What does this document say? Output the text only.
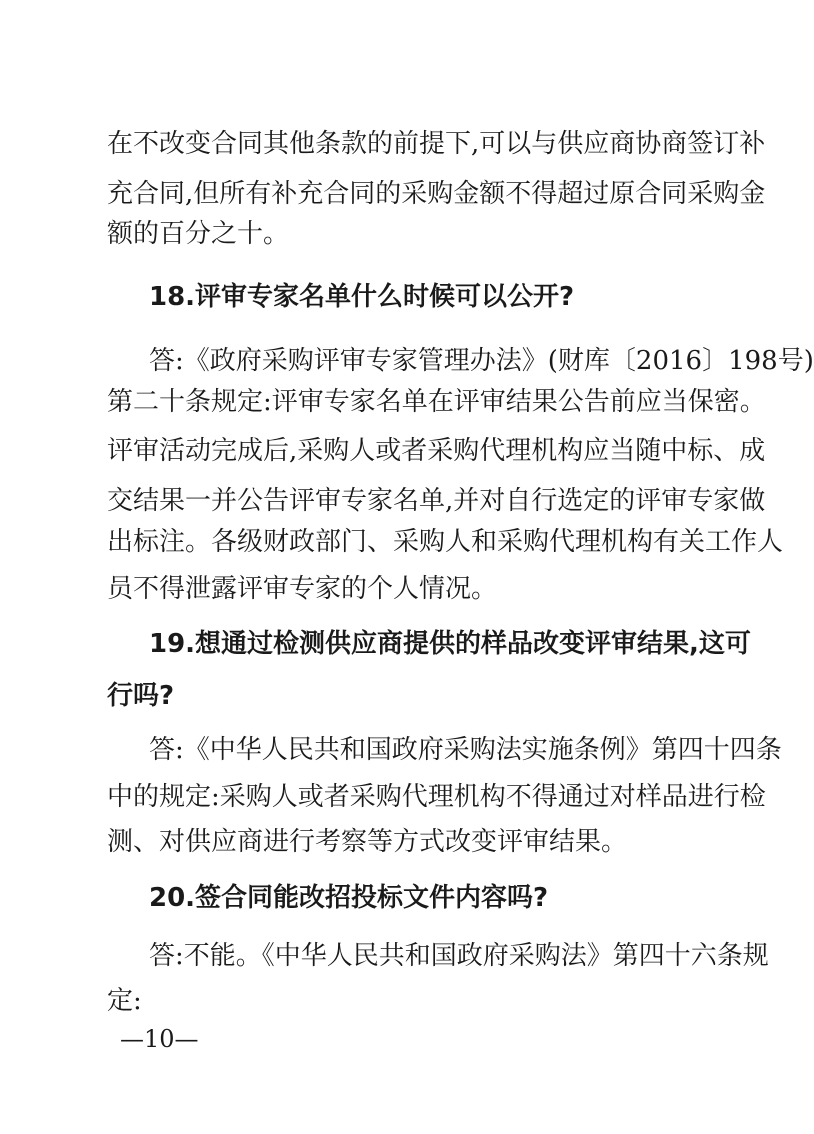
在不改变合同其他条款的前提下,可以与供应商协商签订补
充合同,但所有补充合同的采购金额不得超过原合同采购金
额的百分之十。
18.评审专家名单什么时候可以公开?
答:《政府采购评审专家管理办法》(财库〔2016〕198号)
第二十条规定:评审专家名单在评审结果公告前应当保密。
评审活动完成后,采购人或者采购代理机构应当随中标、成
交结果一并公告评审专家名单,并对自行选定的评审专家做
出标注。各级财政部门、采购人和采购代理机构有关工作人
员不得泄露评审专家的个人情况。
19.想通过检测供应商提供的样品改变评审结果,这可
行吗?
答:《中华人民共和国政府采购法实施条例》第四十四条
中的规定:采购人或者采购代理机构不得通过对样品进行检
测、对供应商进行考察等方式改变评审结果。
20.签合同能改招投标文件内容吗?
答:不能。《中华人民共和国政府采购法》第四十六条规
定:
—10—
